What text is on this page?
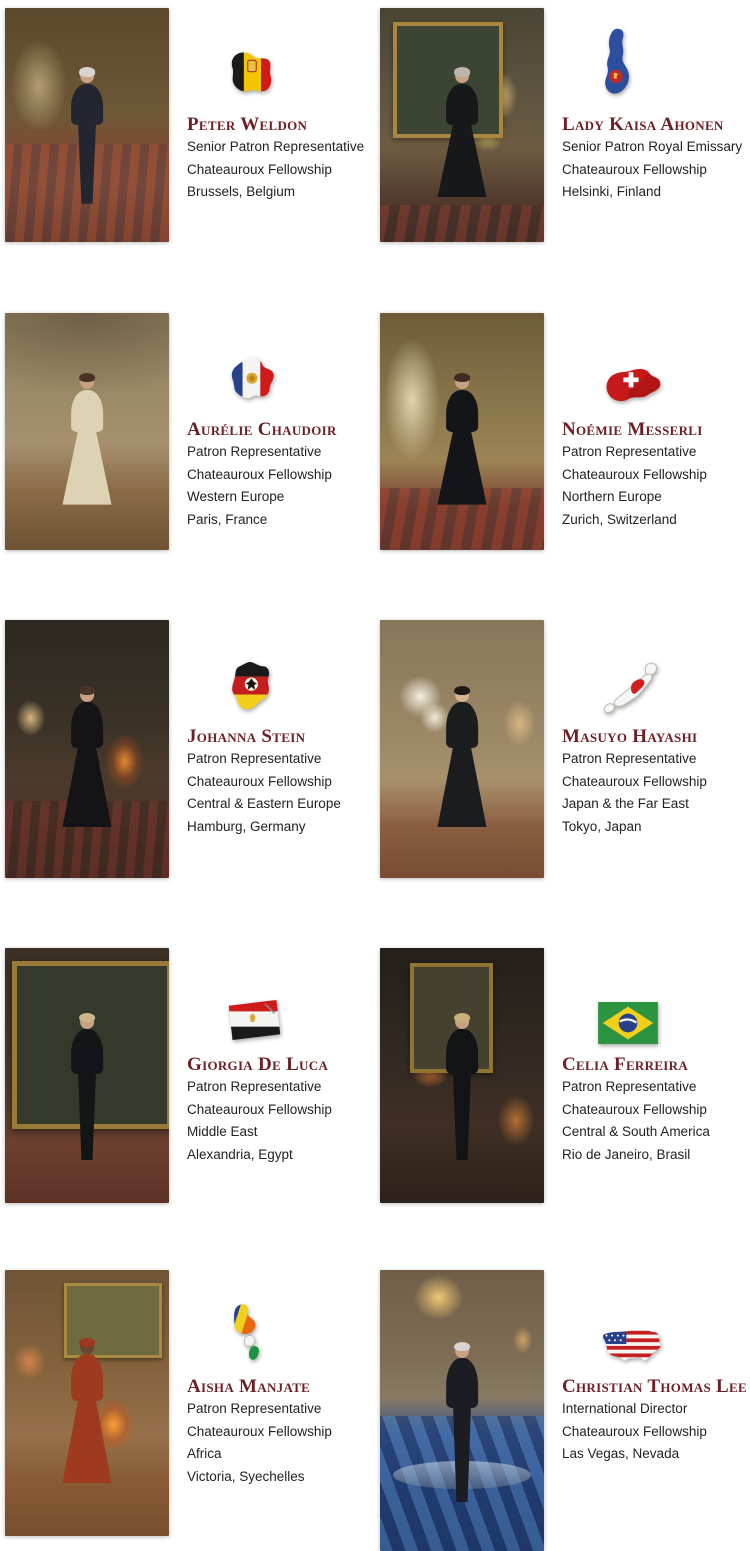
Peter Weldon
Senior Patron Representative
Chateauroux Fellowship
Brussels, Belgium
Lady Kaisa Ahonen
Senior Patron Royal Emissary
Chateauroux Fellowship
Helsinki, Finland
Aurélie Chaudoir
Patron Representative
Chateauroux Fellowship
Western Europe
Paris, France
Noémie Messerli
Patron Representative
Chateauroux Fellowship
Northern Europe
Zurich, Switzerland
Johanna Stein
Patron Representative
Chateauroux Fellowship
Central & Eastern Europe
Hamburg, Germany
Masuyo Hayashi
Patron Representative
Chateauroux Fellowship
Japan & the Far East
Tokyo, Japan
Giorgia De Luca
Patron Representative
Chateauroux Fellowship
Middle East
Alexandria, Egypt
Celia Ferreira
Patron Representative
Chateauroux Fellowship
Central & South America
Rio de Janeiro, Brasil
Aisha Manjate
Patron Representative
Chateauroux Fellowship
Africa
Victoria, Syechelles
Christian Thomas Lee
International Director
Chateauroux Fellowship
Las Vegas, Nevada
